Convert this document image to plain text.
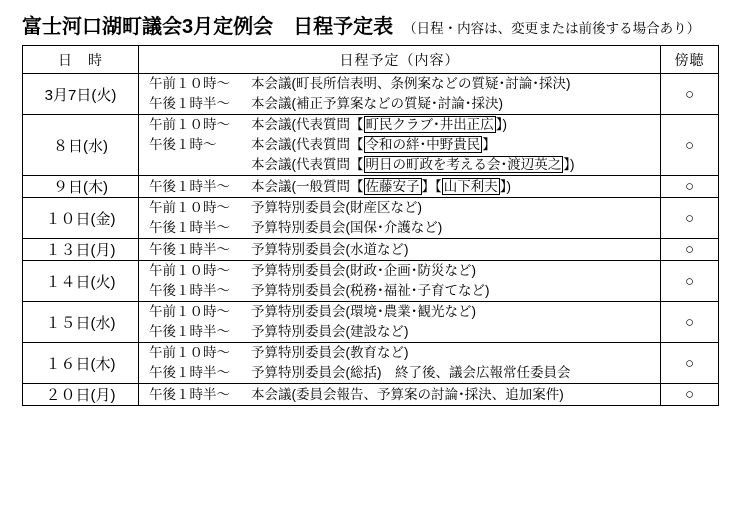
富士河口湖町議会3月定例会　日程予定表 （日程・内容は、変更または前後する場合あり）
日　時	日程予定（内容）	傍聴
3月7日(火)	午前１０時〜 本会議(町長所信表明、条例案などの質疑･討論･採決)
午後１時半〜 本会議(補正予算案などの質疑･討論･採決)	○
８日(水)	午前１０時〜 本会議(代表質問【 町民クラブ･井出正広 】)
午後１時〜 本会議(代表質問【 令和の絆･中野貴民 】
本会議(代表質問【 明日の町政を考える会･渡辺英之 】)	○
９日(木)	午後１時半〜 本会議(一般質問【 佐藤安子 】【 山下利夫 】)	○
１０日(金)	午前１０時〜 予算特別委員会(財産区など)
午後１時半〜 予算特別委員会(国保･介護など)	○
１３日(月)	午後１時半〜 予算特別委員会(水道など)	○
１４日(火)	午前１０時〜 予算特別委員会(財政･企画･防災など)
午後１時半〜 予算特別委員会(税務･福祉･子育てなど)	○
１５日(水)	午前１０時〜 予算特別委員会(環境･農業･観光など)
午後１時半〜 予算特別委員会(建設など)	○
１６日(木)	午前１０時〜 予算特別委員会(教育など)
午後１時半〜 予算特別委員会(総括)　終了後、議会広報常任委員会	○
２０日(月)	午後１時半〜 本会議(委員会報告、予算案の討論･採決、追加案件)	○
